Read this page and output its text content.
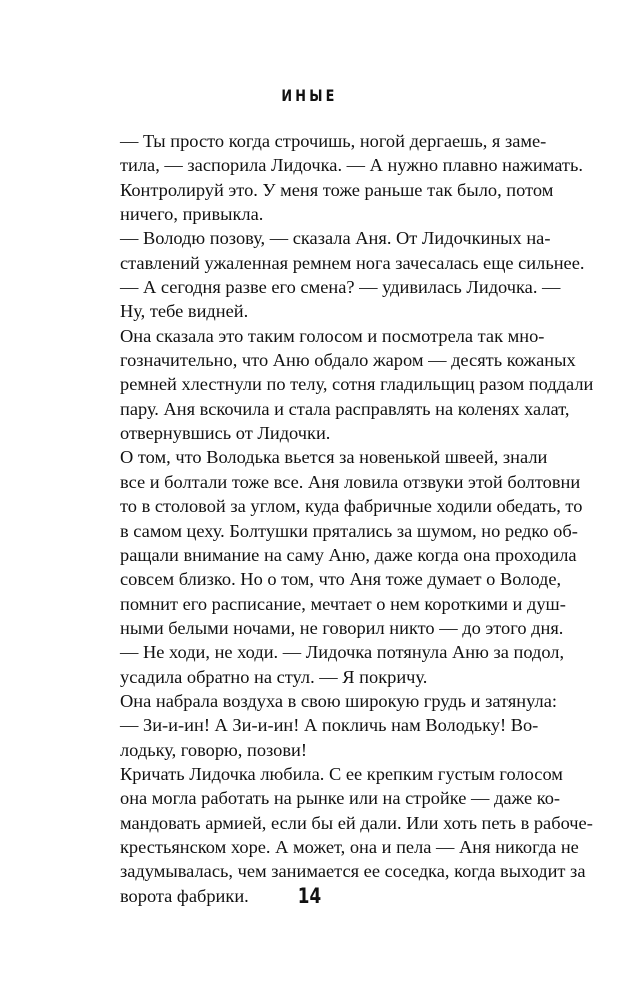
ИНЫЕ

— Ты просто когда строчишь, ногой дергаешь, я заме-
тила, — заспорила Лидочка. — А нужно плавно нажимать.
Контролируй это. У меня тоже раньше так было, потом
ничего, привыкла.

— Володю позову, — сказала Аня. От Лидочкиных на-
ставлений ужаленная ремнем нога зачесалась еще сильнее.

— А сегодня разве его смена? — удивилась Лидочка. —
Ну, тебе видней.

Она сказала это таким голосом и посмотрела так мно-
гозначительно, что Аню обдало жаром — десять кожаных
ремней хлестнули по телу, сотня гладильщиц разом поддали
пару. Аня вскочила и стала расправлять на коленях халат,
отвернувшись от Лидочки.

О том, что Володька вьется за новенькой швеей, знали
все и болтали тоже все. Аня ловила отзвуки этой болтовни
то в столовой за углом, куда фабричные ходили обедать, то
в самом цеху. Болтушки прятались за шумом, но редко об-
ращали внимание на саму Аню, даже когда она проходила
совсем близко. Но о том, что Аня тоже думает о Володе,
помнит его расписание, мечтает о нем короткими и душ-
ными белыми ночами, не говорил никто — до этого дня.

— Не ходи, не ходи. — Лидочка потянула Аню за подол,
усадила обратно на стул. — Я покричу.

Она набрала воздуха в свою широкую грудь и затянула:

— Зи-и-ин! А Зи-и-ин! А покличь нам Володьку! Во-
лодьку, говорю, позови!

Кричать Лидочка любила. С ее крепким густым голосом
она могла работать на рынке или на стройке — даже ко-
мандовать армией, если бы ей дали. Или хоть петь в рабоче-
крестьянском хоре. А может, она и пела — Аня никогда не
задумывалась, чем занимается ее соседка, когда выходит за
ворота фабрики.	14
